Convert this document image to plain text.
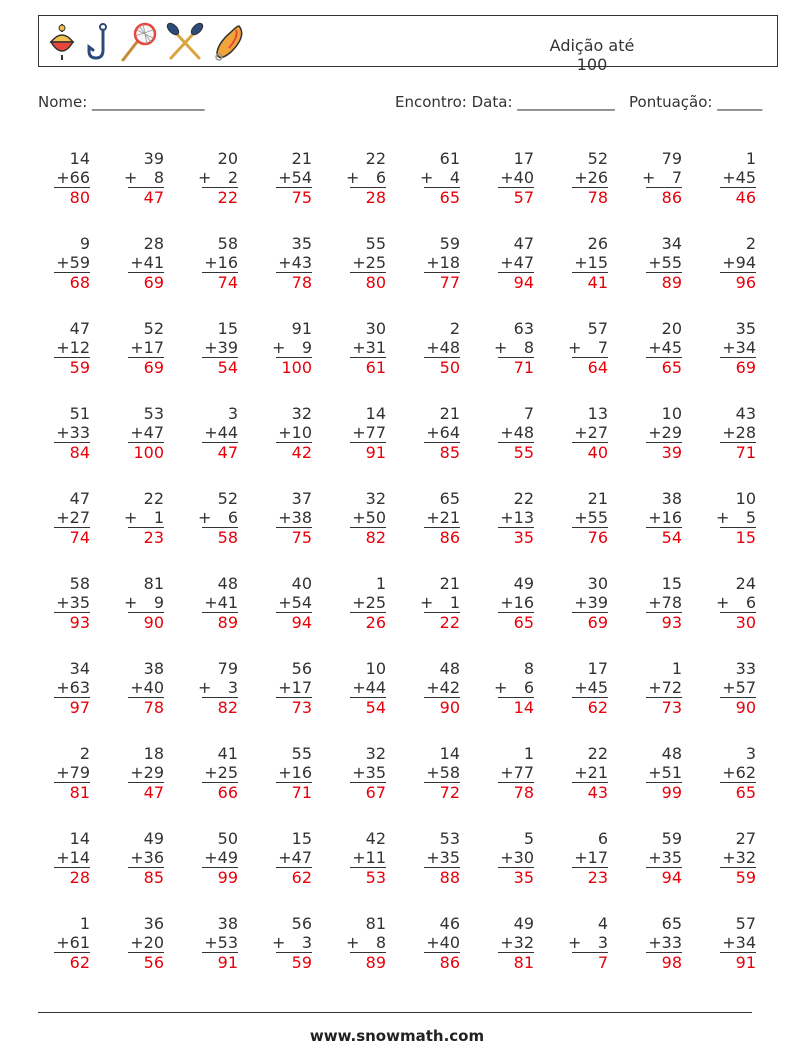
Adição até 100
Nome: _______________	Encontro: Data: _____________ Pontuação: ______
14
+ 66
80
39
+ 8
47
20
+ 2
22
21
+ 54
75
22
+ 6
28
61
+ 4
65
17
+ 40
57
52
+ 26
78
79
+ 7
86
1
+ 45
46
9
+ 59
68
28
+ 41
69
58
+ 16
74
35
+ 43
78
55
+ 25
80
59
+ 18
77
47
+ 47
94
26
+ 15
41
34
+ 55
89
2
+ 94
96
47
+ 12
59
52
+ 17
69
15
+ 39
54
91
+ 9
100
30
+ 31
61
2
+ 48
50
63
+ 8
71
57
+ 7
64
20
+ 45
65
35
+ 34
69
51
+ 33
84
53
+ 47
100
3
+ 44
47
32
+ 10
42
14
+ 77
91
21
+ 64
85
7
+ 48
55
13
+ 27
40
10
+ 29
39
43
+ 28
71
47
+ 27
74
22
+ 1
23
52
+ 6
58
37
+ 38
75
32
+ 50
82
65
+ 21
86
22
+ 13
35
21
+ 55
76
38
+ 16
54
10
+ 5
15
58
+ 35
93
81
+ 9
90
48
+ 41
89
40
+ 54
94
1
+ 25
26
21
+ 1
22
49
+ 16
65
30
+ 39
69
15
+ 78
93
24
+ 6
30
34
+ 63
97
38
+ 40
78
79
+ 3
82
56
+ 17
73
10
+ 44
54
48
+ 42
90
8
+ 6
14
17
+ 45
62
1
+ 72
73
33
+ 57
90
2
+ 79
81
18
+ 29
47
41
+ 25
66
55
+ 16
71
32
+ 35
67
14
+ 58
72
1
+ 77
78
22
+ 21
43
48
+ 51
99
3
+ 62
65
14
+ 14
28
49
+ 36
85
50
+ 49
99
15
+ 47
62
42
+ 11
53
53
+ 35
88
5
+ 30
35
6
+ 17
23
59
+ 35
94
27
+ 32
59
1
+ 61
62
36
+ 20
56
38
+ 53
91
56
+ 3
59
81
+ 8
89
46
+ 40
86
49
+ 32
81
4
+ 3
7
65
+ 33
98
57
+ 34
91
www.snowmath.com
